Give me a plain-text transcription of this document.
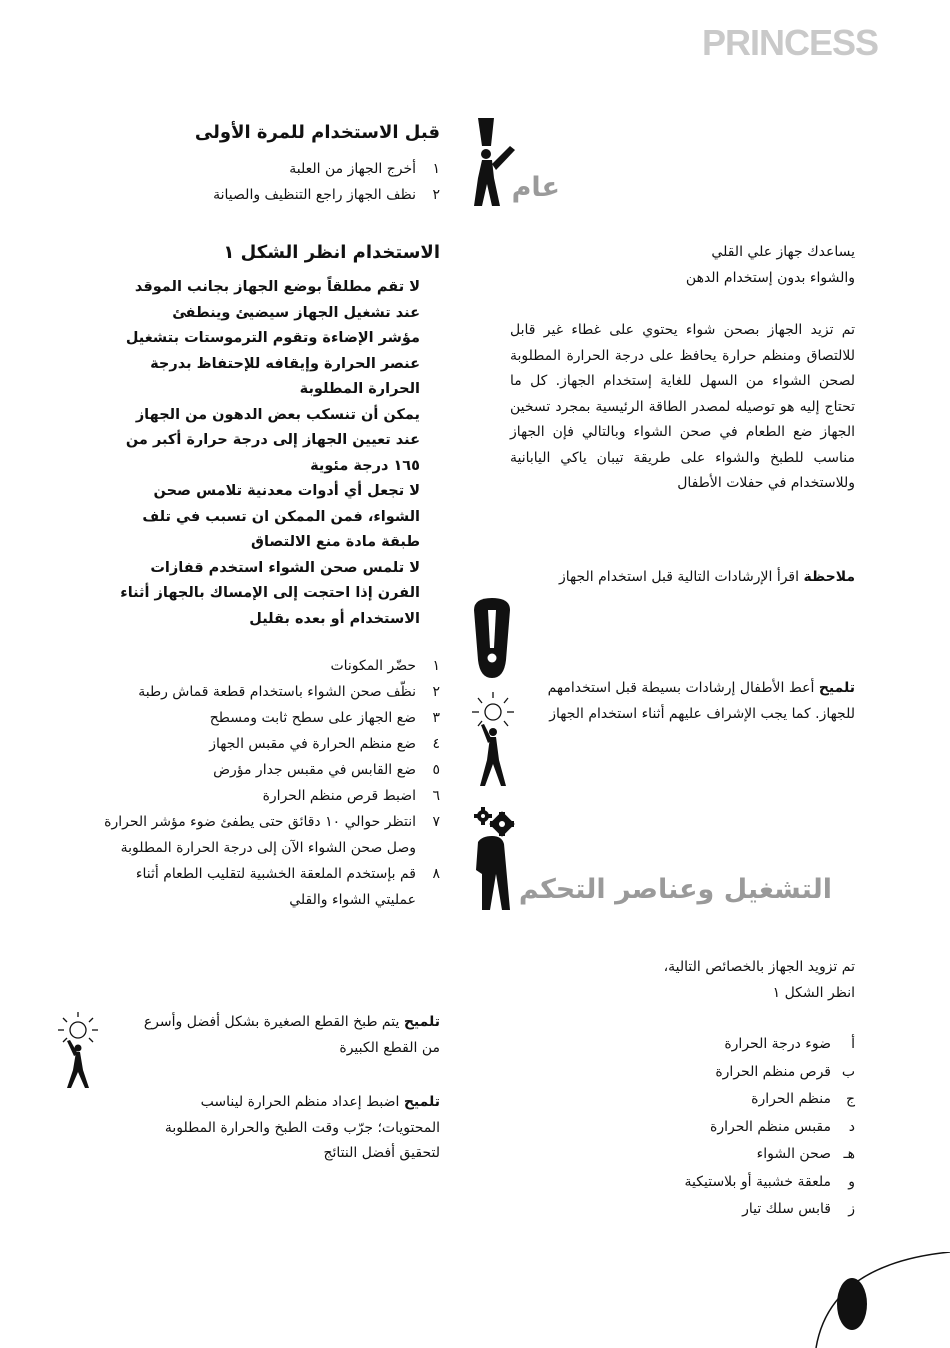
PRINCESS
قبل الاستخدام للمرة الأولى
١
أخرج الجهاز من العلبة
٢
نظف الجهاز راجع التنظيف والصيانة
الاستخدام انظر الشكل ١
لا تقم مطلقاً بوضع الجهاز بجانب الموقد
عند تشغيل الجهاز سيضيئ وينطفئ
مؤشر الإضاءة وتقوم الترموستات بتشغيل
عنصر الحرارة وإيقافه للإحتفاظ بدرجة
الحرارة المطلوبة
يمكن أن تنسكب بعض الدهون من الجهاز
عند تعيين الجهاز إلى درجة حرارة أكبر من
١٦٥ درجة مئوية
لا تجعل أي أدوات معدنية تلامس صحن
الشواء، فمن الممكن ان تسبب في تلف
طبقة مادة منع الالتصاق
لا تلمس صحن الشواء استخدم قفازات
الفرن إذا احتجت إلى الإمساك بالجهاز أثناء
الاستخدام أو بعده بقليل
١
حضّر المكونات
٢
نظّف صحن الشواء باستخدام قطعة قماش رطبة
٣
ضع الجهاز على سطح ثابت ومسطح
٤
ضع منظم الحرارة في مقبس الجهاز
٥
ضع القابس في مقبس جدار مؤرض
٦
اضبط قرص منظم الحرارة
٧
انتظر حوالي ١٠ دقائق حتى يطفئ ضوء مؤشر الحرارة وصل صحن الشواء الآن إلى درجة الحرارة المطلوبة
٨
قم بإستخدم الملعقة الخشبية لتقليب الطعام أثناء عمليتي الشواء والقلي
تلميح يتم طبخ القطع الصغيرة بشكل أفضل وأسرع من القطع الكبيرة
تلميح اضبط إعداد منظم الحرارة ليناسب المحتويات؛ جرّب وقت الطبخ والحرارة المطلوبة لتحقيق أفضل النتائج
عام
يساعدك جهاز علي القلي
والشواء بدون إستخدام الدهن

تم تزيد الجهاز بصحن شواء يحتوي على غطاء غير قابل للالتصاق ومنظم حرارة يحافظ على درجة الحرارة المطلوبة لصحن الشواء من السهل للغاية إستخدام الجهاز. كل ما تحتاج إليه هو توصيله لمصدر الطاقة الرئيسية بمجرد تسخين الجهاز ضع الطعام في صحن الشواء وبالتالي فإن الجهاز مناسب للطبخ والشواء على طريقة تيبان ياكي اليابانية وللاستخدام في حفلات الأطفال

ملاحظة اقرأ الإرشادات التالية قبل استخدام الجهاز
تلميح أعط الأطفال إرشادات بسيطة قبل استخدامهم للجهاز. كما يجب الإشراف عليهم أثناء استخدام الجهاز
التشغيل وعناصر التحكم
تم تزويد الجهاز بالخصائص التالية،
انظر الشكل ١
أ
ضوء درجة الحرارة
ب
قرص منظم الحرارة
ج
منظم الحرارة
د
مقبس منظم الحرارة
هـ
صحن الشواء
و
ملعقة خشبية أو بلاستيكية
ز
قابس سلك تيار
